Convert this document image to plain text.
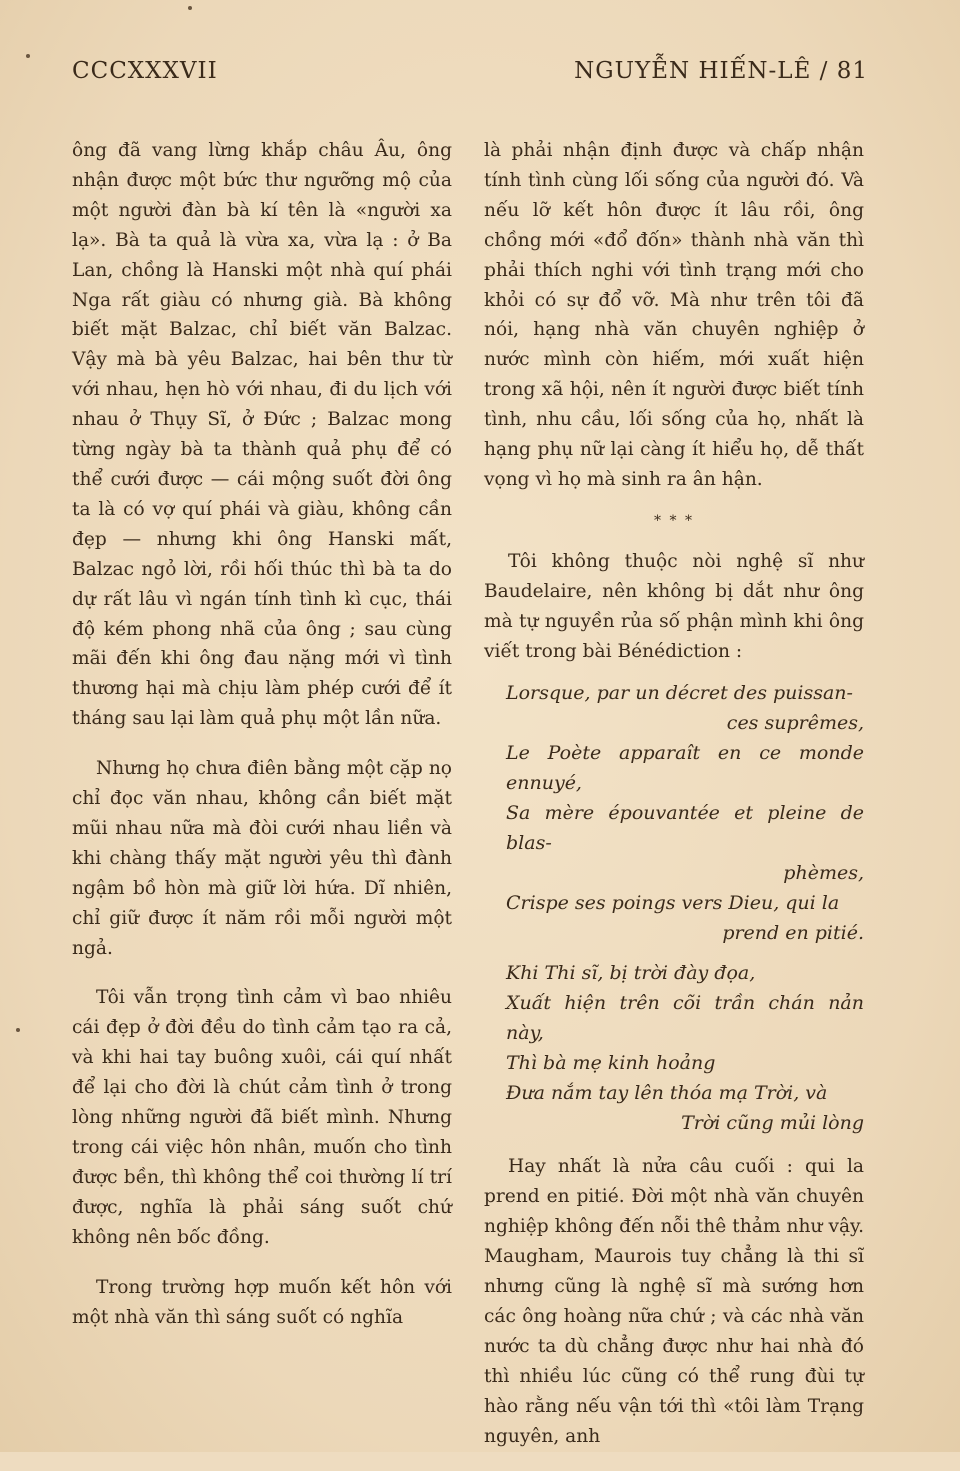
CCCXXXVII	NGUYỄN HIẾN-LÊ / 81

ông đã vang lừng khắp châu Âu, ông nhận được một bức thư ngưỡng mộ của một người đàn bà kí tên là «người xa lạ». Bà ta quả là vừa xa, vừa lạ : ở Ba Lan, chồng là Hanski một nhà quí phái Nga rất giàu có nhưng già. Bà không biết mặt Balzac, chỉ biết văn Balzac. Vậy mà bà yêu Balzac, hai bên thư từ với nhau, hẹn hò với nhau, đi du lịch với nhau ở Thụy Sĩ, ở Đức ; Balzac mong từng ngày bà ta thành quả phụ để có thể cưới được — cái mộng suốt đời ông ta là có vợ quí phái và giàu, không cần đẹp — nhưng khi ông Hanski mất, Balzac ngỏ lời, rồi hối thúc thì bà ta do dự rất lâu vì ngán tính tình kì cục, thái độ kém phong nhã của ông ; sau cùng mãi đến khi ông đau nặng mới vì tình thương hại mà chịu làm phép cưới để ít tháng sau lại làm quả phụ một lần nữa.

Nhưng họ chưa điên bằng một cặp nọ chỉ đọc văn nhau, không cần biết mặt mũi nhau nữa mà đòi cưới nhau liền và khi chàng thấy mặt người yêu thì đành ngậm bồ hòn mà giữ lời hứa. Dĩ nhiên, chỉ giữ được ít năm rồi mỗi người một ngả.

Tôi vẫn trọng tình cảm vì bao nhiêu cái đẹp ở đời đều do tình cảm tạo ra cả, và khi hai tay buông xuôi, cái quí nhất để lại cho đời là chút cảm tình ở trong lòng những người đã biết mình. Nhưng trong cái việc hôn nhân, muốn cho tình được bền, thì không thể coi thường lí trí được, nghĩa là phải sáng suốt chứ không nên bốc đồng.

Trong trường hợp muốn kết hôn với một nhà văn thì sáng suốt có nghĩa

là phải nhận định được và chấp nhận tính tình cùng lối sống của người đó. Và nếu lỡ kết hôn được ít lâu rồi, ông chồng mới «đổ đốn» thành nhà văn thì phải thích nghi với tình trạng mới cho khỏi có sự đổ vỡ. Mà như trên tôi đã nói, hạng nhà văn chuyên nghiệp ở nước mình còn hiếm, mới xuất hiện trong xã hội, nên ít người được biết tính tình, nhu cầu, lối sống của họ, nhất là hạng phụ nữ lại càng ít hiểu họ, dễ thất vọng vì họ mà sinh ra ân hận.

* * *

Tôi không thuộc nòi nghệ sĩ như Baudelaire, nên không bị dắt như ông mà tự nguyền rủa số phận mình khi ông viết trong bài Bénédiction :

Lorsque, par un décret des puissan-
ces suprêmes,
Le Poète apparaît en ce monde ennuyé,
Sa mère épouvantée et pleine de blas-
phèmes,
Crispe ses poings vers Dieu, qui la
prend en pitié.
Khi Thi sĩ, bị trời đày đọa,
Xuất hiện trên cõi trần chán nản này,
Thì bà mẹ kinh hoảng
Đưa nắm tay lên thóa mạ Trời, và
Trời cũng mủi lòng

Hay nhất là nửa câu cuối : qui la prend en pitié. Đời một nhà văn chuyên nghiệp không đến nỗi thê thảm như vậy. Maugham, Maurois tuy chẳng là thi sĩ nhưng cũng là nghệ sĩ mà sướng hơn các ông hoàng nữa chứ ; và các nhà văn nước ta dù chẳng được như hai nhà đó thì nhiều lúc cũng có thể rung đùi tự hào rằng nếu vận tới thì «tôi làm Trạng nguyên, anh
